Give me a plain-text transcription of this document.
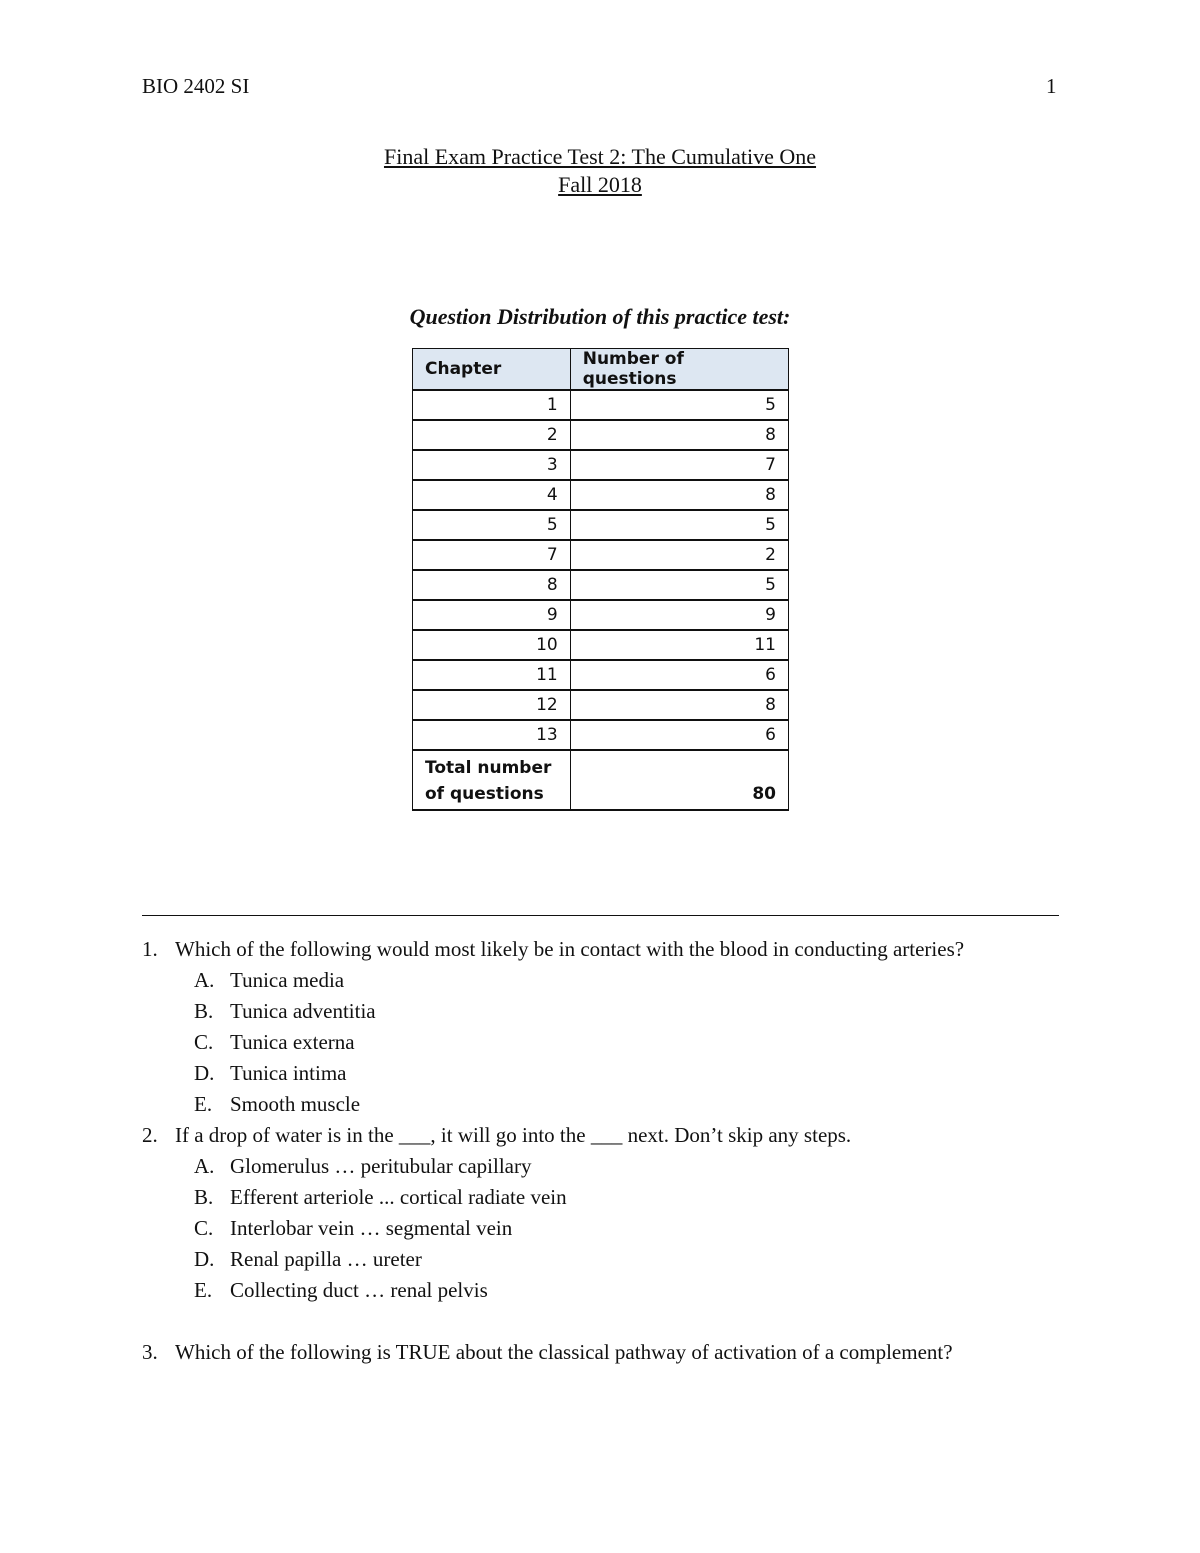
BIO 2402 SI	1
Final Exam Practice Test 2: The Cumulative One
Fall 2018
Question Distribution of this practice test:
Chapter	Number of questions
1	5
2	8
3	7
4	8
5	5
7	2
8	5
9	9
10	11
11	6
12	8
13	6

Total number
of questions	80
1. Which of the following would most likely be in contact with the blood in conducting arteries?
A. Tunica media
B. Tunica adventitia
C. Tunica externa
D. Tunica intima
E. Smooth muscle
2. If a drop of water is in the ___, it will go into the ___ next. Don’t skip any steps.
A. Glomerulus … peritubular capillary
B. Efferent arteriole ... cortical radiate vein
C. Interlobar vein … segmental vein
D. Renal papilla … ureter
E. Collecting duct … renal pelvis
3. Which of the following is TRUE about the classical pathway of activation of a complement?
